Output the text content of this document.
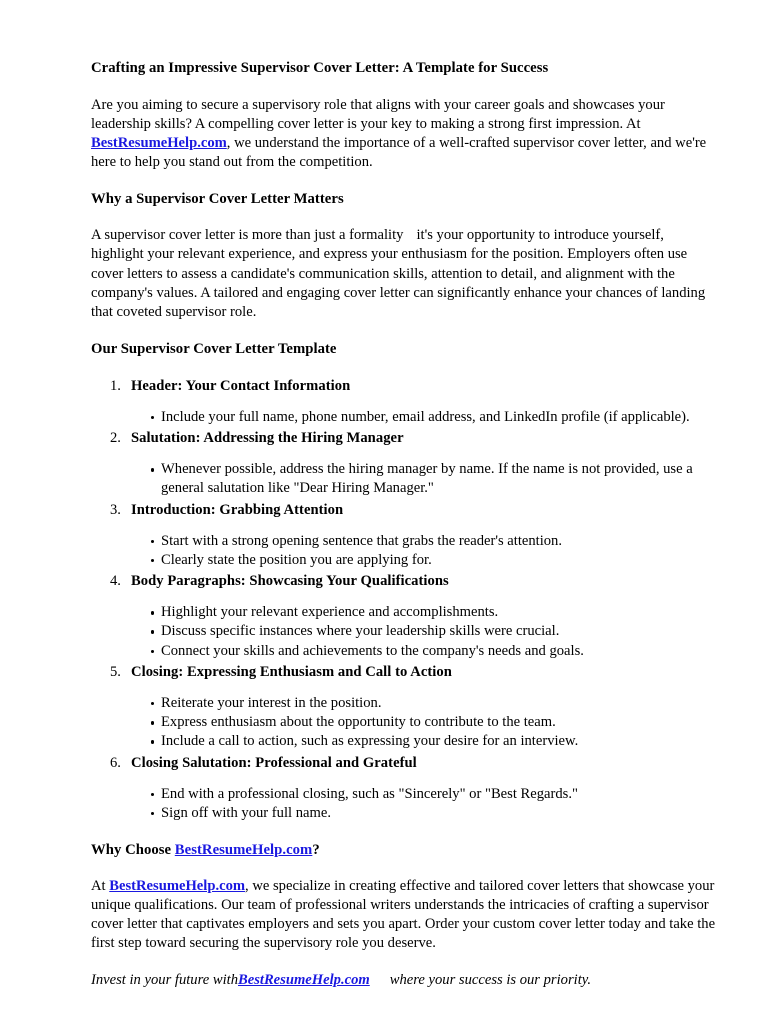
Crafting an Impressive Supervisor Cover Letter: A Template for Success

Are you aiming to secure a supervisory role that aligns with your career goals and showcases your leadership skills? A compelling cover letter is your key to making a strong first impression. At BestResumeHelp.com, we understand the importance of a well-crafted supervisor cover letter, and we're here to help you stand out from the competition.

Why a Supervisor Cover Letter Matters

A supervisor cover letter is more than just a formality it's your opportunity to introduce yourself, highlight your relevant experience, and express your enthusiasm for the position. Employers often use cover letters to assess a candidate's communication skills, attention to detail, and alignment with the company's values. A tailored and engaging cover letter can significantly enhance your chances of landing that coveted supervisor role.

Our Supervisor Cover Letter Template
1. Header: Your Contact Information
Include your full name, phone number, email address, and LinkedIn profile (if applicable).
2. Salutation: Addressing the Hiring Manager
Whenever possible, address the hiring manager by name. If the name is not provided, use a general salutation like "Dear Hiring Manager."
3. Introduction: Grabbing Attention
Start with a strong opening sentence that grabs the reader's attention.
Clearly state the position you are applying for.
4. Body Paragraphs: Showcasing Your Qualifications
Highlight your relevant experience and accomplishments.
Discuss specific instances where your leadership skills were crucial.
Connect your skills and achievements to the company's needs and goals.
5. Closing: Expressing Enthusiasm and Call to Action
Reiterate your interest in the position.
Express enthusiasm about the opportunity to contribute to the team.
Include a call to action, such as expressing your desire for an interview.
6. Closing Salutation: Professional and Grateful
End with a professional closing, such as "Sincerely" or "Best Regards."
Sign off with your full name.
Why Choose BestResumeHelp.com?

At BestResumeHelp.com, we specialize in creating effective and tailored cover letters that showcase your unique qualifications. Our team of professional writers understands the intricacies of crafting a supervisor cover letter that captivates employers and sets you apart. Order your custom cover letter today and take the first step toward securing the supervisory role you deserve.

Invest in your future withBestResumeHelp.com where your success is our priority.
